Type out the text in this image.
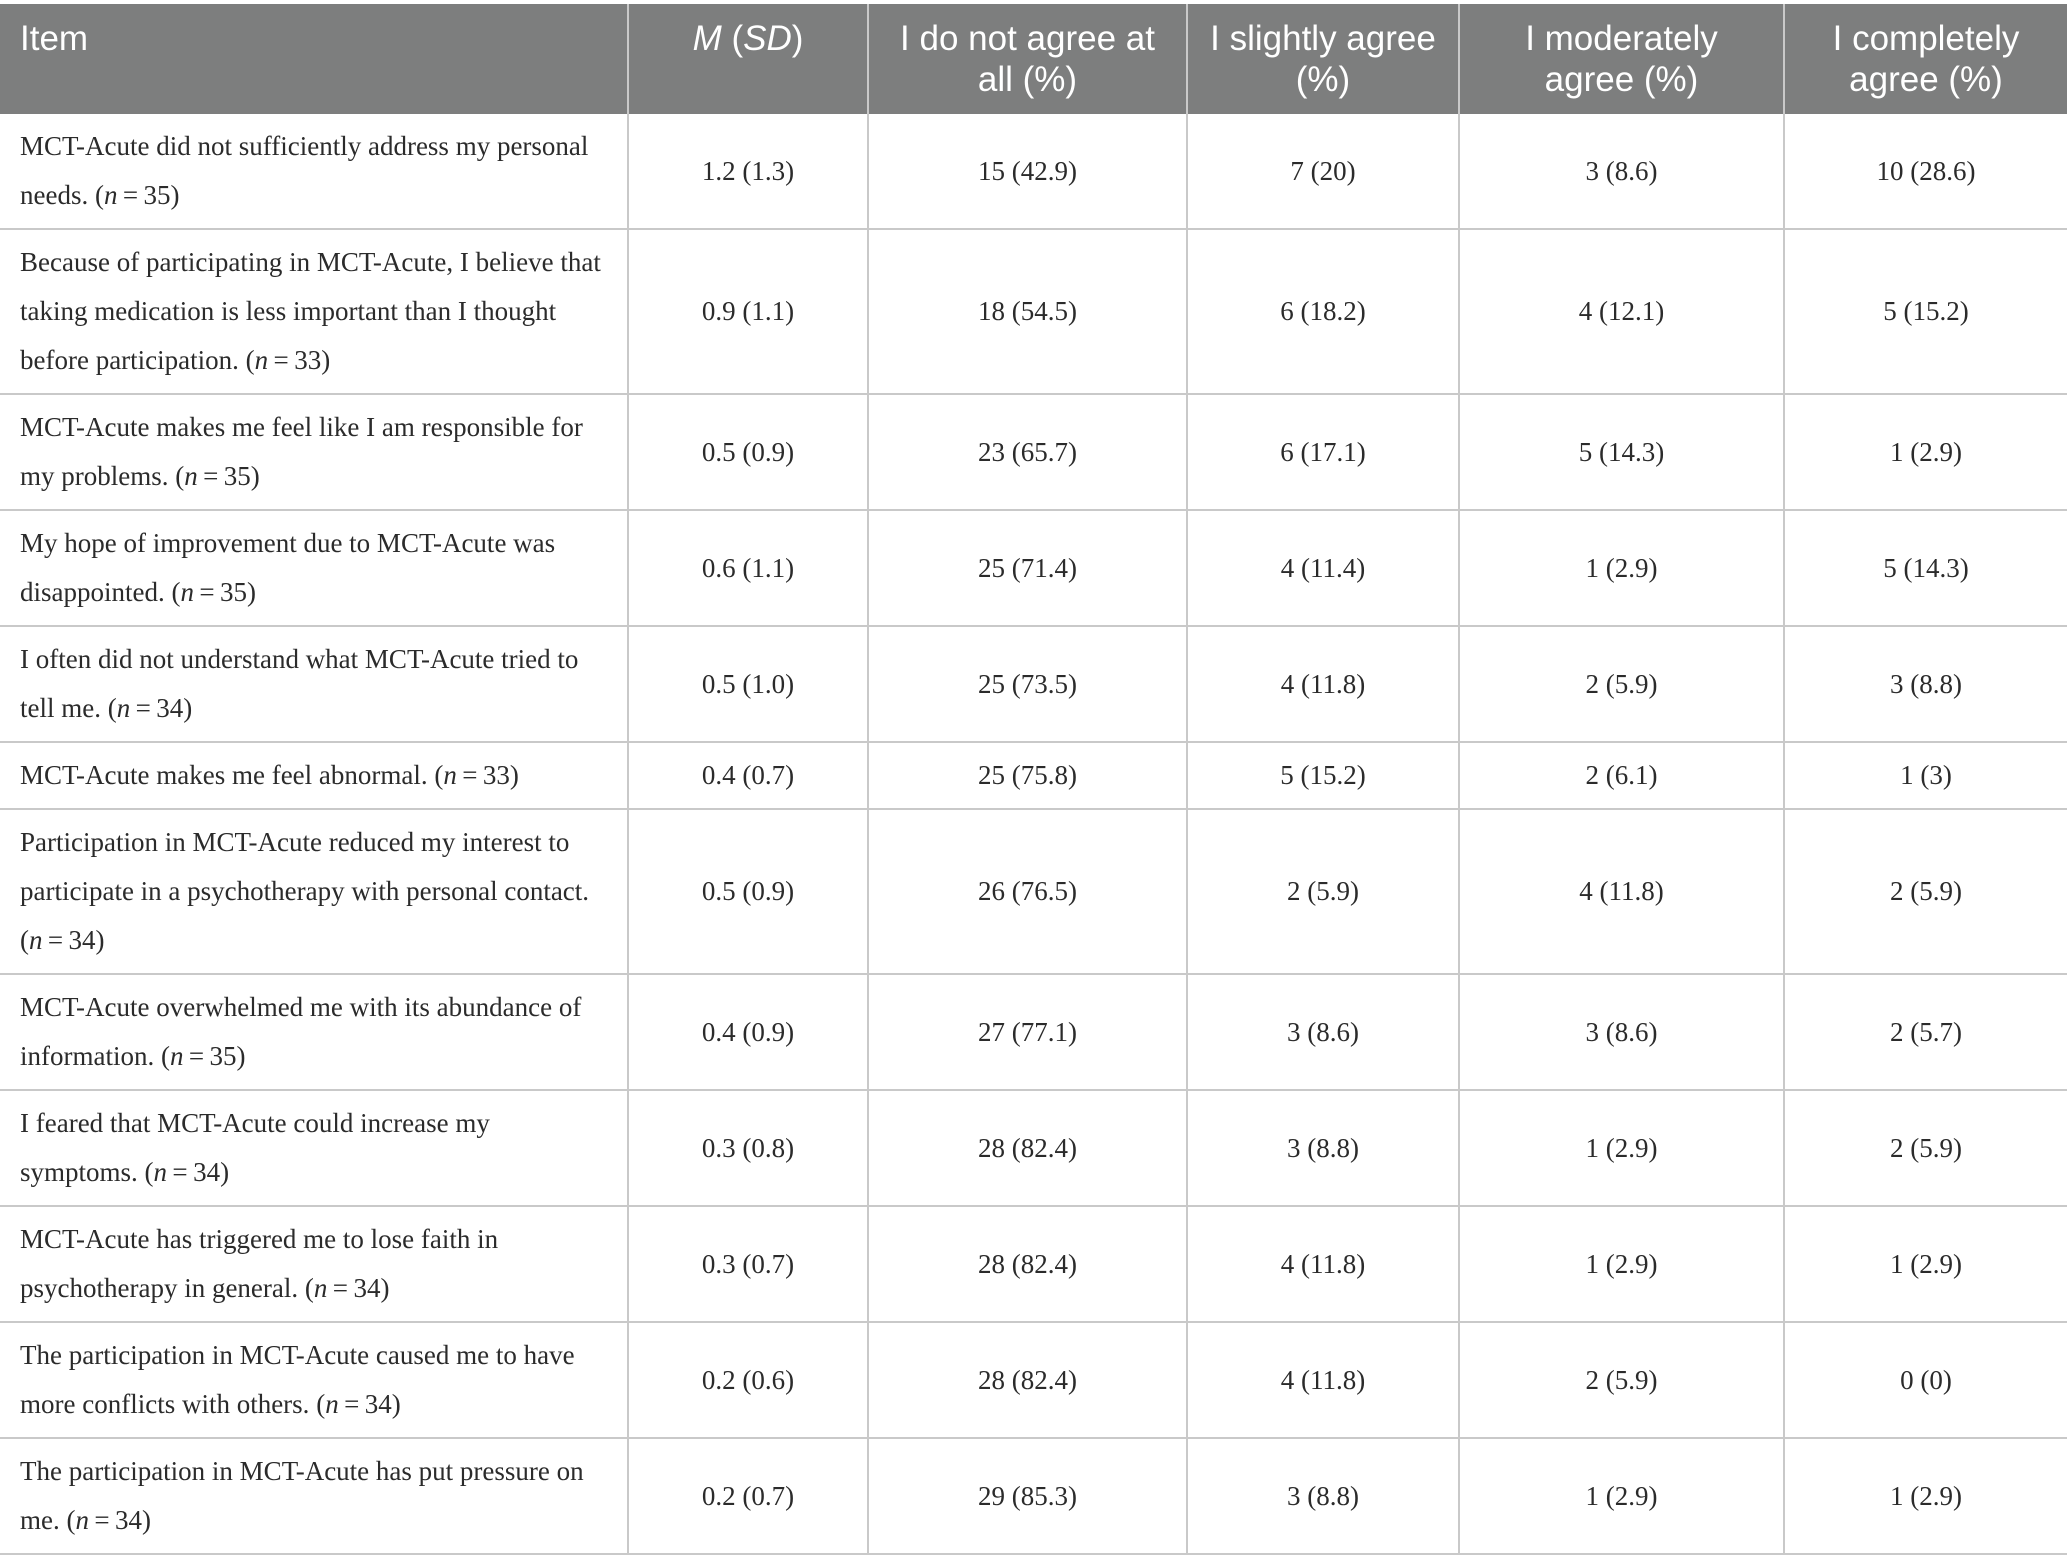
Item	M (SD)	I do not agree at all (%)	I slightly agree (%)	I moderately agree (%)	I completely agree (%)
MCT-Acute did not sufficiently address my personal needs. (n = 35)	1.2 (1.3)	15 (42.9)	7 (20)	3 (8.6)	10 (28.6)
Because of participating in MCT-Acute, I believe that taking medication is less important than I thought before participation. (n = 33)	0.9 (1.1)	18 (54.5)	6 (18.2)	4 (12.1)	5 (15.2)
MCT-Acute makes me feel like I am responsible for my problems. (n = 35)	0.5 (0.9)	23 (65.7)	6 (17.1)	5 (14.3)	1 (2.9)
My hope of improvement due to MCT-Acute was disappointed. (n = 35)	0.6 (1.1)	25 (71.4)	4 (11.4)	1 (2.9)	5 (14.3)
I often did not understand what MCT-Acute tried to tell me. (n = 34)	0.5 (1.0)	25 (73.5)	4 (11.8)	2 (5.9)	3 (8.8)
MCT-Acute makes me feel abnormal. (n = 33)	0.4 (0.7)	25 (75.8)	5 (15.2)	2 (6.1)	1 (3)
Participation in MCT-Acute reduced my interest to participate in a psychotherapy with personal contact. (n = 34)	0.5 (0.9)	26 (76.5)	2 (5.9)	4 (11.8)	2 (5.9)
MCT-Acute overwhelmed me with its abundance of information. (n = 35)	0.4 (0.9)	27 (77.1)	3 (8.6)	3 (8.6)	2 (5.7)
I feared that MCT-Acute could increase my symptoms. (n = 34)	0.3 (0.8)	28 (82.4)	3 (8.8)	1 (2.9)	2 (5.9)
MCT-Acute has triggered me to lose faith in psychotherapy in general. (n = 34)	0.3 (0.7)	28 (82.4)	4 (11.8)	1 (2.9)	1 (2.9)
The participation in MCT-Acute caused me to have more conflicts with others. (n = 34)	0.2 (0.6)	28 (82.4)	4 (11.8)	2 (5.9)	0 (0)
The participation in MCT-Acute has put pressure on me. (n = 34)	0.2 (0.7)	29 (85.3)	3 (8.8)	1 (2.9)	1 (2.9)
